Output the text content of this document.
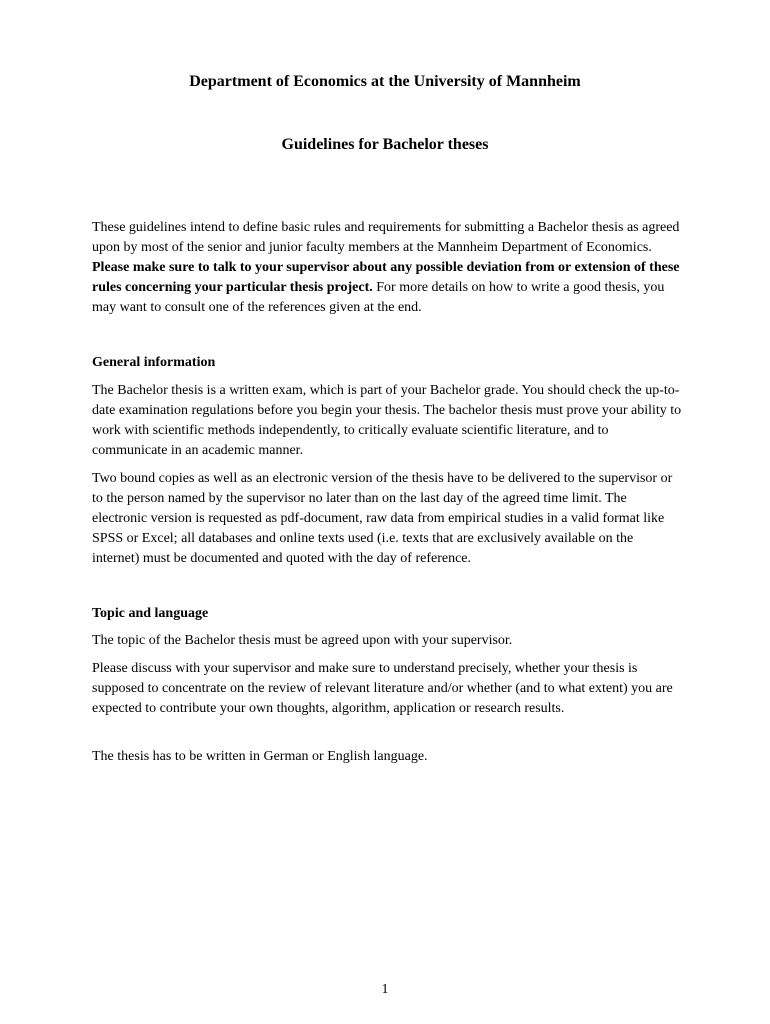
Department of Economics at the University of Mannheim
Guidelines for Bachelor theses

These guidelines intend to define basic rules and requirements for submitting a Bachelor thesis as agreed upon by most of the senior and junior faculty members at the Mannheim Department of Economics. Please make sure to talk to your supervisor about any possible deviation from or extension of these rules concerning your particular thesis project. For more details on how to write a good thesis, you may want to consult one of the references given at the end.

General information

The Bachelor thesis is a written exam, which is part of your Bachelor grade. You should check the up-to-date examination regulations before you begin your thesis. The bachelor thesis must prove your ability to work with scientific methods independently, to critically evaluate scientific literature, and to communicate in an academic manner.

Two bound copies as well as an electronic version of the thesis have to be delivered to the supervisor or to the person named by the supervisor no later than on the last day of the agreed time limit. The electronic version is requested as pdf-document, raw data from empirical studies in a valid format like SPSS or Excel; all databases and online texts used (i.e. texts that are exclusively available on the internet) must be documented and quoted with the day of reference.

Topic and language

The topic of the Bachelor thesis must be agreed upon with your supervisor.

Please discuss with your supervisor and make sure to understand precisely, whether your thesis is supposed to concentrate on the review of relevant literature and/or whether (and to what extent) you are expected to contribute your own thoughts, algorithm, application or research results.

The thesis has to be written in German or English language.

1
